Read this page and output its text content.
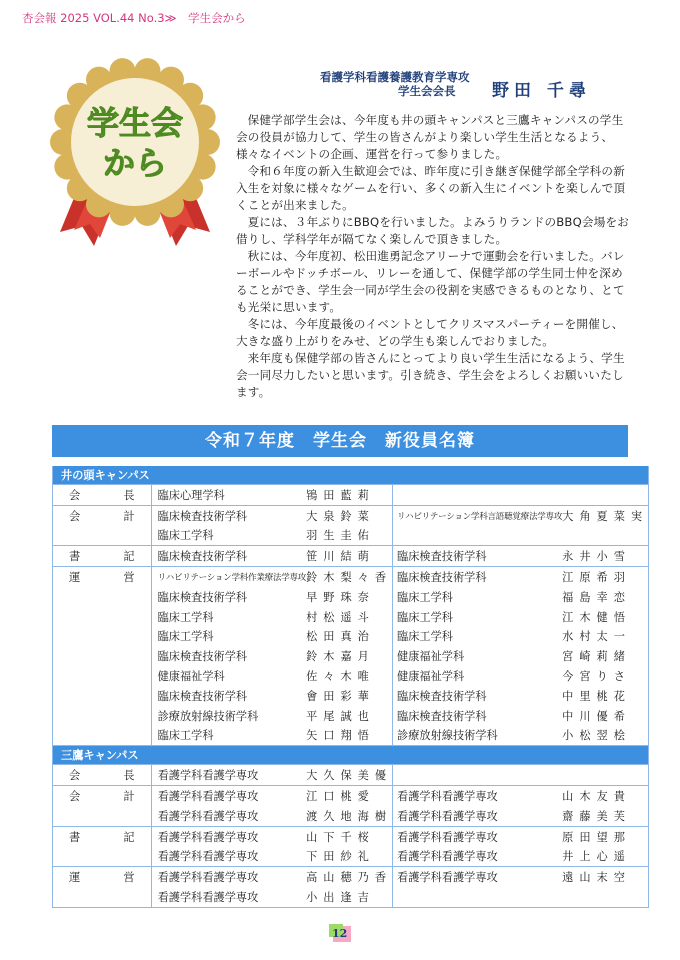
杏会報 2025 VOL.44 No.3≫　学生会から
学生会
から
看護学科看護養護教育学専攻
学生会会長	野田 千尋

保健学部学生会は、今年度も井の頭キャンパスと三鷹キャンパスの学生会の役員が協力して、学生の皆さんがより楽しい学生生活となるよう、様々なイベントの企画、運営を行って参りました。

令和６年度の新入生歓迎会では、昨年度に引き継ぎ保健学部全学科の新入生を対象に様々なゲームを行い、多くの新入生にイベントを楽しんで頂くことが出来ました。

夏には、３年ぶりにBBQを行いました。よみうりランドのBBQ会場をお借りし、学科学年が隔てなく楽しんで頂きました。

秋には、今年度初、松田進勇記念アリーナで運動会を行いました。バレーボールやドッチボール、リレーを通して、保健学部の学生同士仲を深めることができ、学生会一同が学生会の役割を実感できるものとなり、とても光栄に思います。

冬には、今年度最後のイベントとしてクリスマスパーティーを開催し、大きな盛り上がりをみせ、どの学生も楽しんでおりました。

来年度も保健学部の皆さんにとってより良い学生生活になるよう、学生会一同尽力したいと思います。引き続き、学生会をよろしくお願いいたします。

令和７年度　学生会　新役員名簿
井の頭キャンパス				
会　長	臨床心理学科	鴇田藍莉		
会　計	臨床検査技術学科	大泉鈴菜	リハビリテーション学科言語聴覚療法学専攻	大角夏菜実
	臨床工学科	羽生圭佑		
書　記	臨床検査技術学科	笹川結萌	臨床検査技術学科	永井小雪
運　営	リハビリテーション学科作業療法学専攻	鈴木梨々香	臨床検査技術学科	江原希羽
	臨床検査技術学科	早野珠奈	臨床工学科	福島幸恋
	臨床工学科	村松遥斗	臨床工学科	江木健悟
	臨床工学科	松田真治	臨床工学科	水村太一
	臨床検査技術学科	鈴木嘉月	健康福祉学科	宮崎莉緒
	健康福祉学科	佐々木唯	健康福祉学科	今宮りさ
	臨床検査技術学科	會田彩華	臨床検査技術学科	中里桃花
	診療放射線技術学科	平尾誠也	臨床検査技術学科	中川優希
	臨床工学科	矢口翔悟	診療放射線技術学科	小松翌桧
三鷹キャンパス				
会　長	看護学科看護学専攻	大久保美優		
会　計	看護学科看護学専攻	江口桃愛	看護学科看護学専攻	山木友貴
	看護学科看護学専攻	渡久地海樹	看護学科看護学専攻	齋藤美芙
書　記	看護学科看護学専攻	山下千桜	看護学科看護学専攻	原田望那
	看護学科看護学専攻	下田紗礼	看護学科看護学専攻	井上心遥
運　営	看護学科看護学専攻	高山穂乃香	看護学科看護学専攻	遠山末空
	看護学科看護学専攻	小出逢吉		
12
